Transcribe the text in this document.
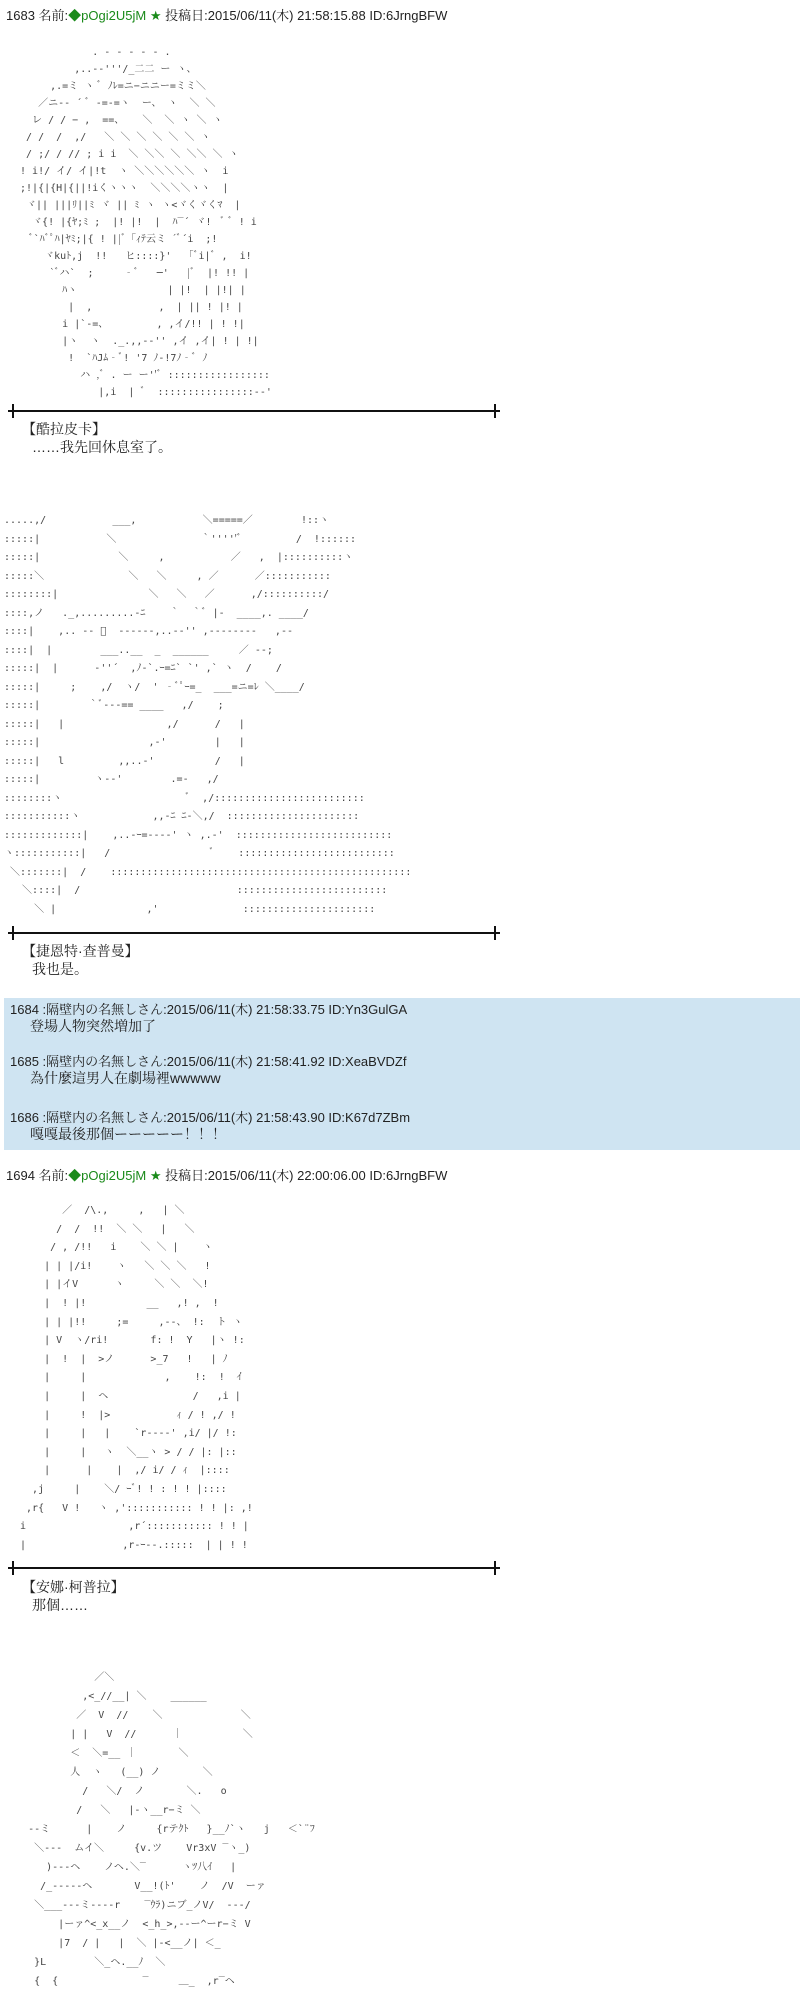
1683 名前:◆pOgi2U5jM ★ 投稿日:2015/06/11(木) 21:58:15.88 ID:6JrngBFW
. - ‐ ‐ ‐ - .
,..-‐'''/_二二 ー ヽ、
,.=ミ ヽ ﾞ ﾉﾚ=ニ−ニニー=ミミ＼
／ニ‐‐ ´ ﾞ -=‐=ヽ  ー、 ヽ  ＼ ＼
レ / / − ,  ==、   ＼  ＼ ヽ ＼ ヽ
/ /  /  ,/   ＼ ＼ ＼ ＼ ＼ ＼ ヽ
/ ;/ / // ; i i  ＼ ＼＼ ＼ ＼＼ ＼ ヽ
! i!/ イ/ イ|!t  ヽ ＼＼＼＼＼＼ ヽ  i
;!|{|{H|{||!iくヽヽヽ  ＼＼＼＼ヽヽ  |
ヾ|| |||ﾘ||ﾐ ヾ || ﾐ ヽ ヽ<ヾくヾくﾏ  |
ヾ{! |{ﾔ;ﾐ ;  |! |!  |  ﾊ‾´ ヾ!  ﾞ ﾞ ! i
ﾞ`ﾊﾞﾟﾊ|ﾔﾐ;|{ ! ||ﾞ「ｨﾃ云ミ ´ﾞ´i  ;!
ヾkuﾄ,j  !!   ヒ::::}'  「ﾞi|ﾞ ,  i!
`ﾞハ`  ;     ‐ﾞ   ─'   |ﾞ  |! !! |
ﾊヽ               | |!  | |!| |
|  ,           ,  | || ! |! |
i |`‐=、        , ,イ/!! | ! !|
|ヽ  ヽ  ._.,,-‐'' ,イ ,イ| ! | !|
!  `ﾊJﾑ‐ﾞ! '7 ﾉ-!7ﾉ‐ﾞ ﾉ
ハ ,ﾞ . ー ー''ﾞ :::::::::::::::::
|,i  | ﾞ  ::::::::::::::::-‐'
【酷拉皮卡】
……我先回休息室了。
.....,/           ___,           ＼=====／        !::ヽ
:::::|           ＼              ｀'''''ﾞ         /  !::::::
:::::|             ＼     ,           ／   ,  |::::::::::ヽ
:::::＼              ＼   ＼     , ／      ／:::::::::::
::::::::|               ＼   ＼   ／      ,/::::::::::/
::::,ノ   ._,.........-ﾆ    ｀  ｀ﾞ |‐  ____,. ____/
::::|    ,.. -‐ ﾞ  ‐‐‐‐‐‐,..-‐'' ,--‐‐‐‐‐-   ,-‐
::::|  |        ___..__  _  ______     ／ ‐-;
:::::|  |      ‐''´  ,ﾉ‐`.ｰ=ﾆ` `' ,` ヽ  /    /
:::::|     ;    ,/  ヽ/  ' ‐ﾞﾟｰ=_  ___=ニ=ﾚ ＼____/
:::::|        ｀ﾞ‐‐‐== ____   ,/    ;
:::::|   |                 ,/      /   |
:::::|                  ,-'        |   |
:::::|   l         ,,..‐'          /   |
:::::|         ヽ-‐'        .=-   ,/
::::::::ヽ                     ﾞ  ,/:::::::::::::::::::::::::
:::::::::::ヽ            ,,‐ﾆ ﾆ‐＼,/  ::::::::::::::::::::::
:::::::::::::|    ,..-ｰ=---‐' ヽ ,.‐'  ::::::::::::::::::::::::::
ヽ:::::::::::|   /                 ﾞ    ::::::::::::::::::::::::::
＼:::::::|  /    ::::::::::::::::::::::::::::::::::::::::::::::::::
＼::::|  /                          :::::::::::::::::::::::::
＼ |               ,'              ::::::::::::::::::::::
【捷恩特·查普曼】
我也是。
1684 :隔壁内の名無しさん:2015/06/11(木) 21:58:33.75 ID:Yn3GulGA
登場人物突然増加了
1685 :隔壁内の名無しさん:2015/06/11(木) 21:58:41.92 ID:XeaBVDZf
為什麼這男人在劇場裡wwwww
1686 :隔壁内の名無しさん:2015/06/11(木) 21:58:43.90 ID:K67d7ZBm
嘎嘎最後那個ーーーーー！！！
1694 名前:◆pOgi2U5jM ★ 投稿日:2015/06/11(木) 22:00:06.00 ID:6JrngBFW
／  /\.,     ,   | ＼
/  /  !!  ＼ ＼   |   ＼
/ , /!!   i    ＼ ＼ |    ヽ
| | |/i!    ヽ   ＼ ＼ ＼   !
| |イV      ヽ     ＼ ＼  ＼!
|  ! |!          __   ,! ,  !
| | |!!     ;=     ,-‐、 !:  ト ヽ
| V  ヽ/ri!       f: !  Y   |ヽ !:
|  !  |  >ノ      >_7   !   | ﾉ
|     |             ,    !:  !  ｲ
|     |  ヘ              /   ,i |
|     !  |>           ｨ / ! ,/ !
|     |   |    `r---‐' ,i/ |/ !:
|     |   ヽ  ＼__ヽ > / / |: |::
|      |    |  ,/ i/ / ｨ  |::::
,j     |    ＼/ ｰﾞ! ! : ! ! |::::
,r{   V !   ヽ ,'::::::::::: ! ! |: ,!
i                 ,r´::::::::::: ! ! |
|                ,r-ｰ-‐.:::::  | | ! !
【安娜·柯普拉】
那個……
／＼
,<_//__| ＼    ______
／  V  //    ＼             ＼
| |   V  //      ｜          ＼
＜  ＼=__ ｜       ＼
人  ヽ   (__) ノ       ＼
/   ＼/  ノ       ＼.   o
/   ＼   |-ヽ__r−ミ ＼
--ミ      |    ノ     {rテｸﾄ   }__ﾉ`ヽ   j   ＜`¨ﾌ
＼---  ムイ＼     {v.ツ    Vr3xV ‾ヽ_)
)---ヘ    ノヘ.＼‾      ヽﾂ八ｲ   |
/_-----ヘ       V__!(ﾄ'    ノ  /V  ーァ
＼___---ミ----r    ‾ｳﾗ)ニブ_ノV/  ---/
|ーァ^<_x__ノ  <_h_>,-‐ー^ーr−ミ V
|7  / |   |  ＼ |-<__ノ| ＜_
}L        ＼_ヘ.__ﾉ  ＼
{  {              ‾     ＿_  ,r‾ヘ
